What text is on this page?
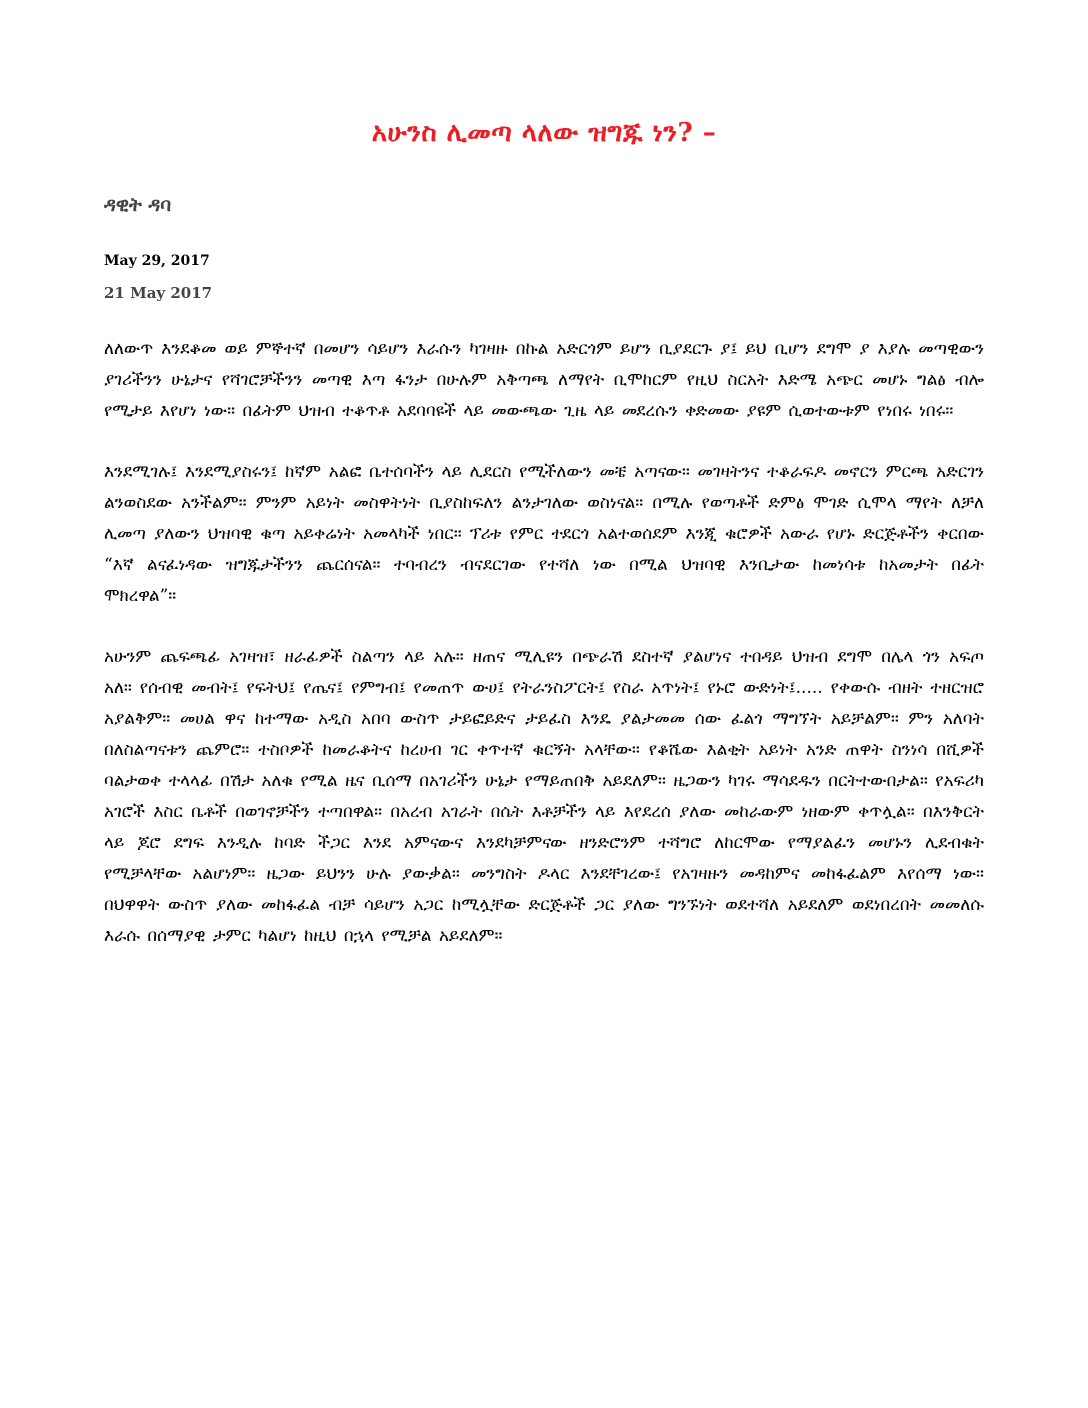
አሁንስ ሊመጣ ላለው ዝግጁ ነን? –
ዳዊት ዳባ
May 29, 2017
21 May 2017

ለለውጥ እንደቆመ ወይ ምኞተኛ በመሆን ሳይሆን እራሱን ካገዛዙ በኩል አድርጎም ይሆን ቢያደርጉ ያ፤ ይህ ቢሆን ደግሞ ያ እያሉ መጣዊውን ያገሪችንን ሁኔታና የሻገሮቻችንን መጣዊ እጣ ፋንታ በሁሉም አቅጣጫ ለማየት ቢሞከርም የዚህ ስርአት እድሜ አጭር መሆኑ ግልፅ ብሎ የሚታይ እየሆነ ነው። በፊትም ህዝብ ተቆጥቶ አደባባዩች ላይ መውጫው ጊዜ ላይ መደረሱን ቀድመው ያዩም ሲወተውቱም የነበሩ ነበሩ።

እንደሚገሉ፤ እንደሚያስሩን፤ ከኛም አልፎ ቤተሰባችን ላይ ሊደርስ የሚችለውን መቼ አጣናው። መገዛትንና ተቆራፍዶ መኖርን ምርጫ አድርገን ልንወስደው አንችልም። ምንም አይነት መስዋትነት ቢያስከፍለን ልንታገለው ወስነናል። በሚሉ የወጣቶች ድምፅ ሞገድ ሲሞላ ማየት ለቻለ ሊመጣ ያለውን ህዝባዊ ቁጣ አይቀሬነት አመላካች ነበር። ፕሪቱ የምር ተደርጎ አልተወሰደም እንጂ ቁሮዎች አውራ የሆኑ ድርጅቶችን ቀርበው “እኛ ልናፈነዳው ዝግጁታችንን ጨርሰናል። ተባብረን ብናደርገው የተሻለ ነው በሚል ህዝባዊ እንቢታው ከመነሳቱ ከአመታት በፊት ሞክረዋል”።

አሁንም ጨፍጫፊ አገዛዝ፣ ዘራፊዎች ስልጣን ላይ አሉ። ዘጠና ሚሊዩን በጭራሽ ደስተኛ ያልሆነና ተበዳይ ህዝብ ደግሞ በሌላ ጎን አፍጦ አለ። የሰብዊ መብት፤ የፍትህ፤ የጤና፤ የምግብ፤ የመጠጥ ውሀ፤ የትራንስፖርት፤ የስራ አጥነት፤ የኑሮ ውድነት፤..... የቀውሱ ብዘት ተዘርዝሮ አያልቅም። መሀል ዋና ከተማው አዲስ አበባ ውስጥ ታይፎይድና ታይፈስ እንዴ ያልታመመ ሰው ፈልጎ ማግኘት አይቻልም። ምን አለባት በለስልጣናቱን ጨምሮ። ተስቦዎች ከመራቆትና ከረሀብ ገር ቀጥተኛ ቁርኝት አላቸው። የቆሼው እልቂት አይነት አንድ ጠዋት ስንነሳ በሺዎች ባልታወቀ ተላላፊ በሽታ አለቁ የሚል ዜና ቢሰማ በአገሪችን ሁኔታ የማይጠበቅ አይደለም። ዜጋውን ካገሩ ማሳደዱን በርትተውበታል። የአፍሪካ አገሮች እስር ቤቶች በወገኖቻችን ተጣበዋል። በአረብ አገራት በሴት እቶቻችን ላይ እየደረሰ ያለው መከራውም ነዘውም ቀጥሏል። በእንቅርት ላይ ጆሮ ደግፍ እንዲሉ ከባድ ችጋር እንደ አምናውና እንደካቻምናው ዘንድሮንም ተሻግሮ ለከርሞው የማያልፈን መሆኑን ሊደብቁት የሚቻላቸው አልሆነም። ዜጋው ይህንን ሁሉ ያውቃል። መንግስት ዶላር እንደቸገረው፤ የአገዛዙን መዳከምና መከፋፈልም እየሰማ ነው። በህዋዋት ውስጥ ያለው መከፋፈል ብቻ ሳይሆን አጋር ከሚሏቸው ድርጅቶች ጋር ያለው ግንኙነት ወደተሻለ አይደለም ወደነበረበት መመለሱ እራሱ በሰማያዊ ታምር ካልሆነ ከዚህ በኋላ የሚቻል አይደለም።
